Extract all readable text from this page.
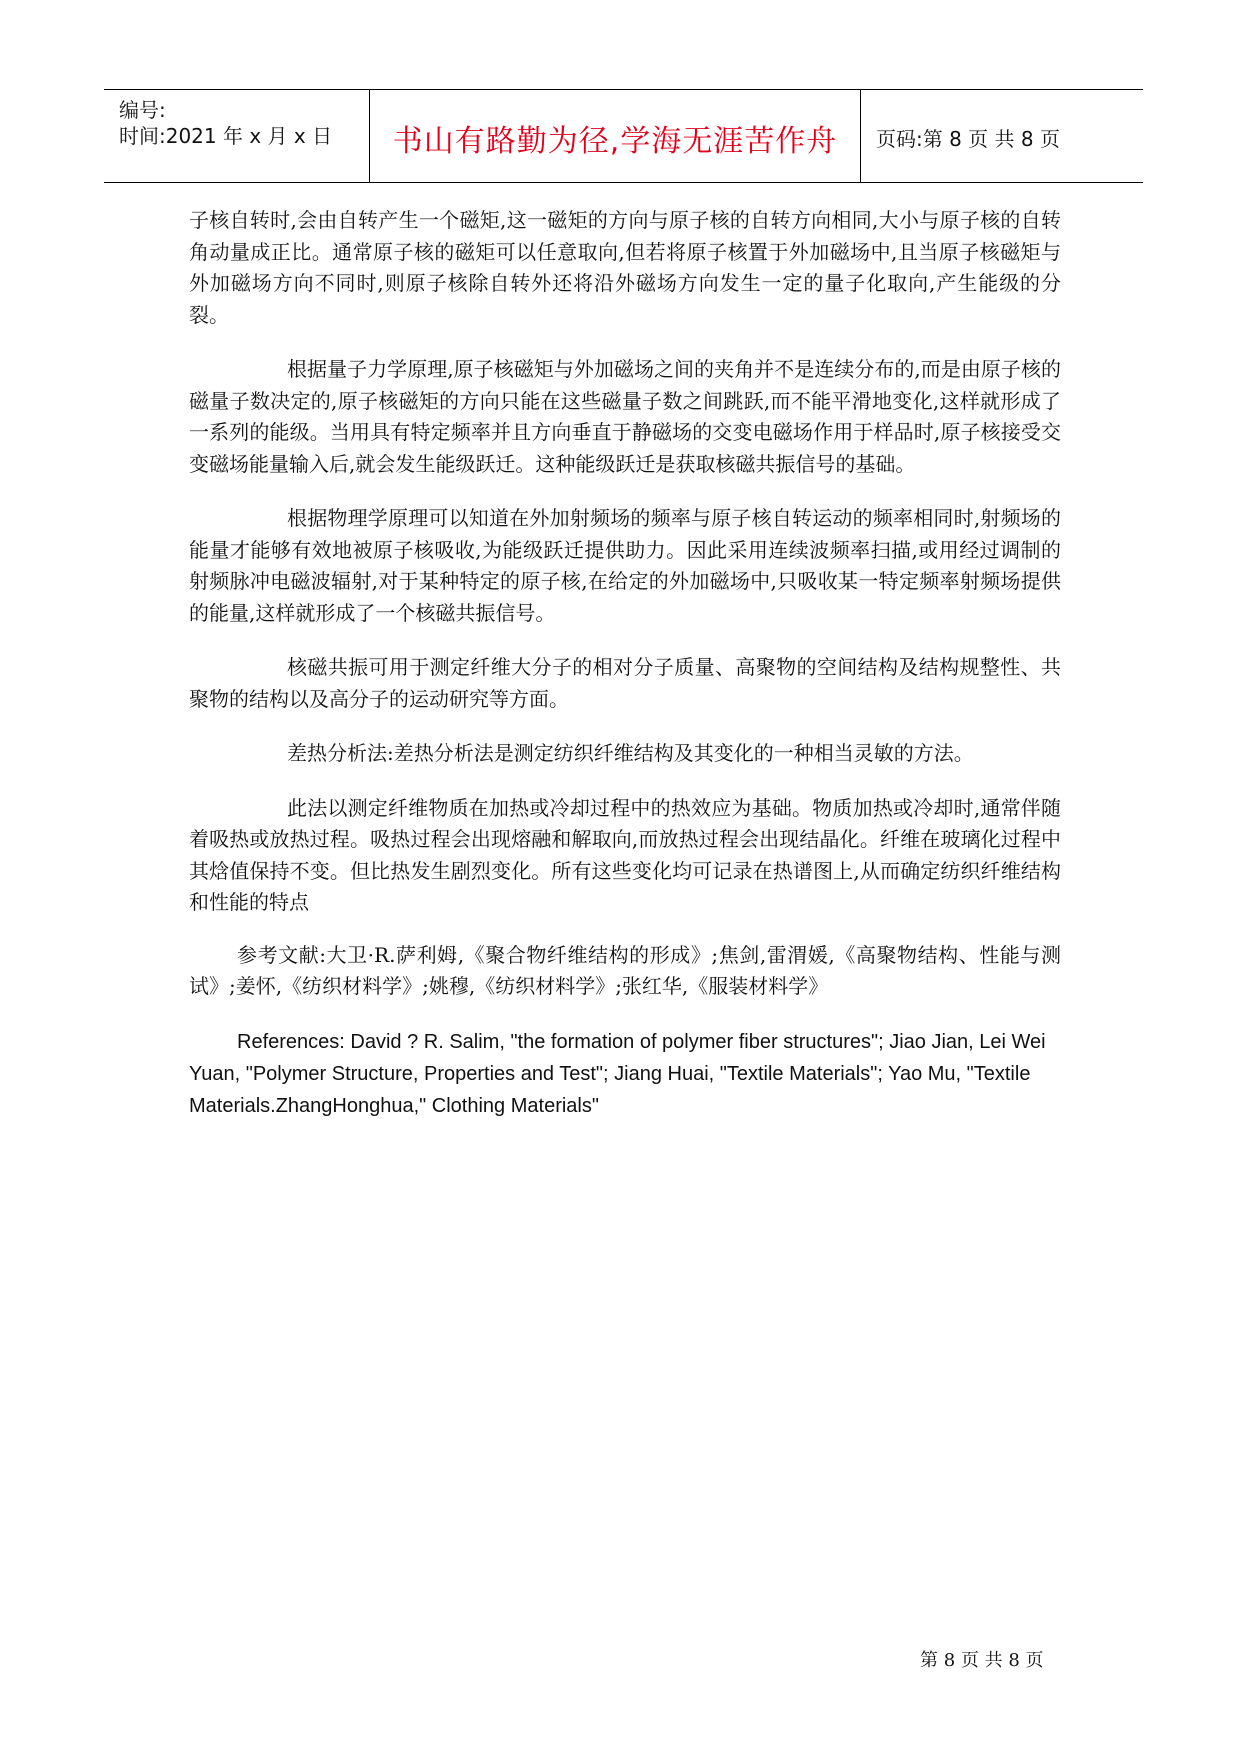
编号:
时间:2021 年 x 月 x 日	书山有路勤为径,学海无涯苦作舟	页码:第 8 页 共 8 页

子核自转时,会由自转产生一个磁矩,这一磁矩的方向与原子核的自转方向相同,大小与原子核的自转角动量成正比。通常原子核的磁矩可以任意取向,但若将原子核置于外加磁场中,且当原子核磁矩与外加磁场方向不同时,则原子核除自转外还将沿外磁场方向发生一定的量子化取向,产生能级的分裂。

根据量子力学原理,原子核磁矩与外加磁场之间的夹角并不是连续分布的,而是由原子核的磁量子数决定的,原子核磁矩的方向只能在这些磁量子数之间跳跃,而不能平滑地变化,这样就形成了一系列的能级。当用具有特定频率并且方向垂直于静磁场的交变电磁场作用于样品时,原子核接受交变磁场能量输入后,就会发生能级跃迁。这种能级跃迁是获取核磁共振信号的基础。

根据物理学原理可以知道在外加射频场的频率与原子核自转运动的频率相同时,射频场的能量才能够有效地被原子核吸收,为能级跃迁提供助力。因此采用连续波频率扫描,或用经过调制的射频脉冲电磁波辐射,对于某种特定的原子核,在给定的外加磁场中,只吸收某一特定频率射频场提供的能量,这样就形成了一个核磁共振信号。

核磁共振可用于测定纤维大分子的相对分子质量、高聚物的空间结构及结构规整性、共聚物的结构以及高分子的运动研究等方面。

差热分析法:差热分析法是测定纺织纤维结构及其变化的一种相当灵敏的方法。

此法以测定纤维物质在加热或冷却过程中的热效应为基础。物质加热或冷却时,通常伴随着吸热或放热过程。吸热过程会出现熔融和解取向,而放热过程会出现结晶化。纤维在玻璃化过程中其焓值保持不变。但比热发生剧烈变化。所有这些变化均可记录在热谱图上,从而确定纺织纤维结构和性能的特点

参考文献:大卫·R.萨利姆,《聚合物纤维结构的形成》;焦剑,雷渭媛,《高聚物结构、性能与测试》;姜怀,《纺织材料学》;姚穆,《纺织材料学》;张红华,《服装材料学》

References: David ? R. Salim, "the formation of polymer fiber structures"; Jiao Jian, Lei Wei Yuan, "Polymer Structure, Properties and Test"; Jiang Huai, "Textile Materials"; Yao Mu, "Textile Materials.ZhangHonghua," Clothing Materials"

第 8 页 共 8 页
